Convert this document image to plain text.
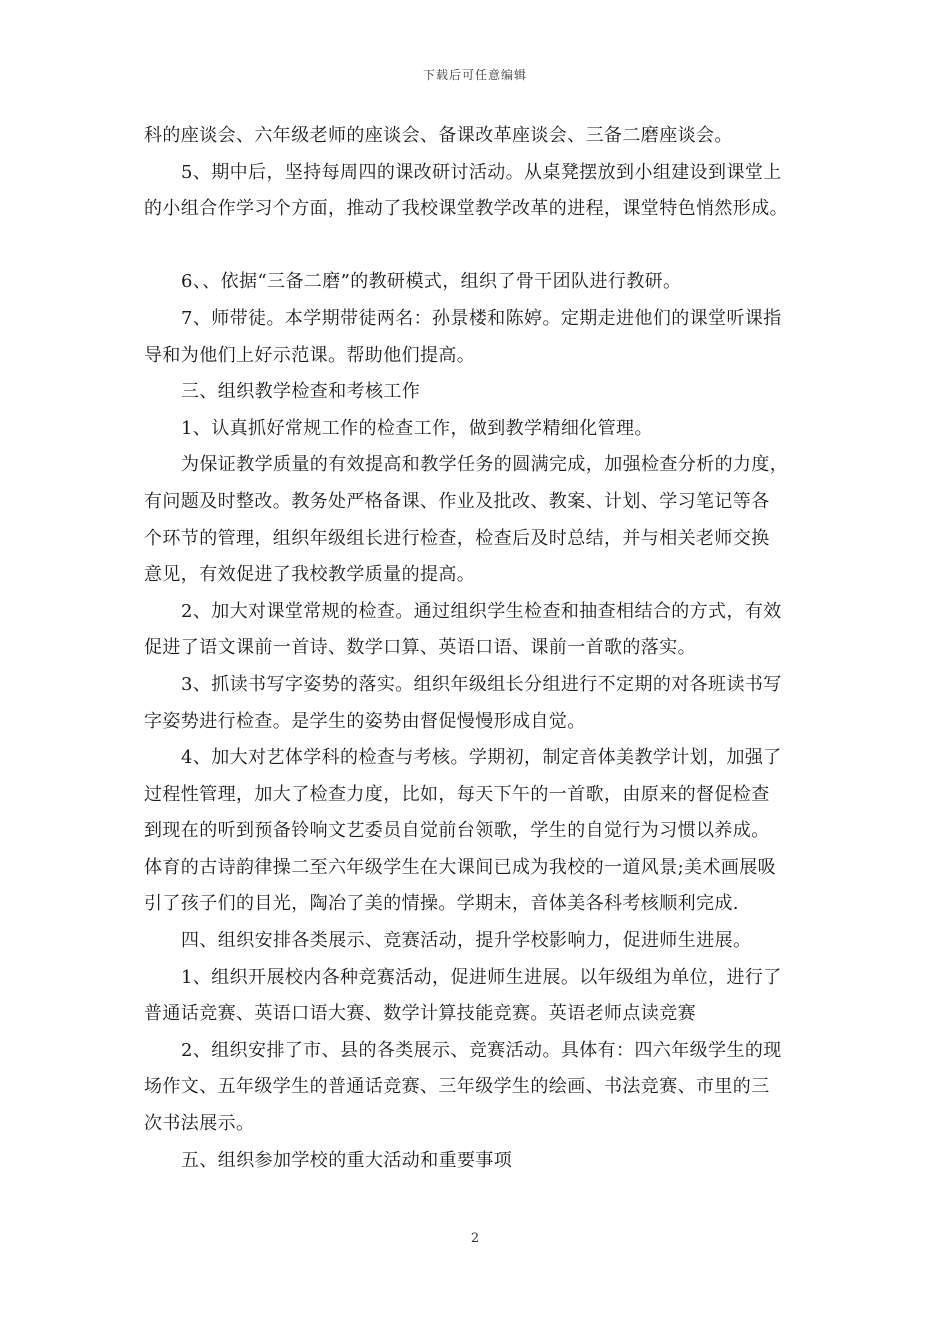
下载后可任意编辑
科的座谈会、六年级老师的座谈会、备课改革座谈会、三备二磨座谈会。
5、期中后，坚持每周四的课改研讨活动。从桌凳摆放到小组建设到课堂上
的小组合作学习个方面，推动了我校课堂教学改革的进程，课堂特色悄然形成。
6、、依据“三备二磨”的教研模式，组织了骨干团队进行教研。
7、师带徒。本学期带徒两名：孙景楼和陈婷。定期走进他们的课堂听课指
导和为他们上好示范课。帮助他们提高。
三、组织教学检查和考核工作
1、认真抓好常规工作的检查工作，做到教学精细化管理。
为保证教学质量的有效提高和教学任务的圆满完成，加强检查分析的力度，
有问题及时整改。教务处严格备课、作业及批改、教案、计划、学习笔记等各
个环节的管理，组织年级组长进行检查，检查后及时总结，并与相关老师交换
意见，有效促进了我校教学质量的提高。
2、加大对课堂常规的检查。通过组织学生检查和抽查相结合的方式，有效
促进了语文课前一首诗、数学口算、英语口语、课前一首歌的落实。
3、抓读书写字姿势的落实。组织年级组长分组进行不定期的对各班读书写
字姿势进行检查。是学生的姿势由督促慢慢形成自觉。
4、加大对艺体学科的检查与考核。学期初，制定音体美教学计划，加强了
过程性管理，加大了检查力度，比如，每天下午的一首歌，由原来的督促检查
到现在的听到预备铃响文艺委员自觉前台领歌，学生的自觉行为习惯以养成。
体育的古诗韵律操二至六年级学生在大课间已成为我校的一道风景;美术画展吸
引了孩子们的目光，陶冶了美的情操。学期末，音体美各科考核顺利完成.
四、组织安排各类展示、竞赛活动，提升学校影响力，促进师生进展。
1、组织开展校内各种竞赛活动，促进师生进展。以年级组为单位，进行了
普通话竞赛、英语口语大赛、数学计算技能竞赛。英语老师点读竞赛
2、组织安排了市、县的各类展示、竞赛活动。具体有：四六年级学生的现
场作文、五年级学生的普通话竞赛、三年级学生的绘画、书法竞赛、市里的三
次书法展示。
五、组织参加学校的重大活动和重要事项
2
